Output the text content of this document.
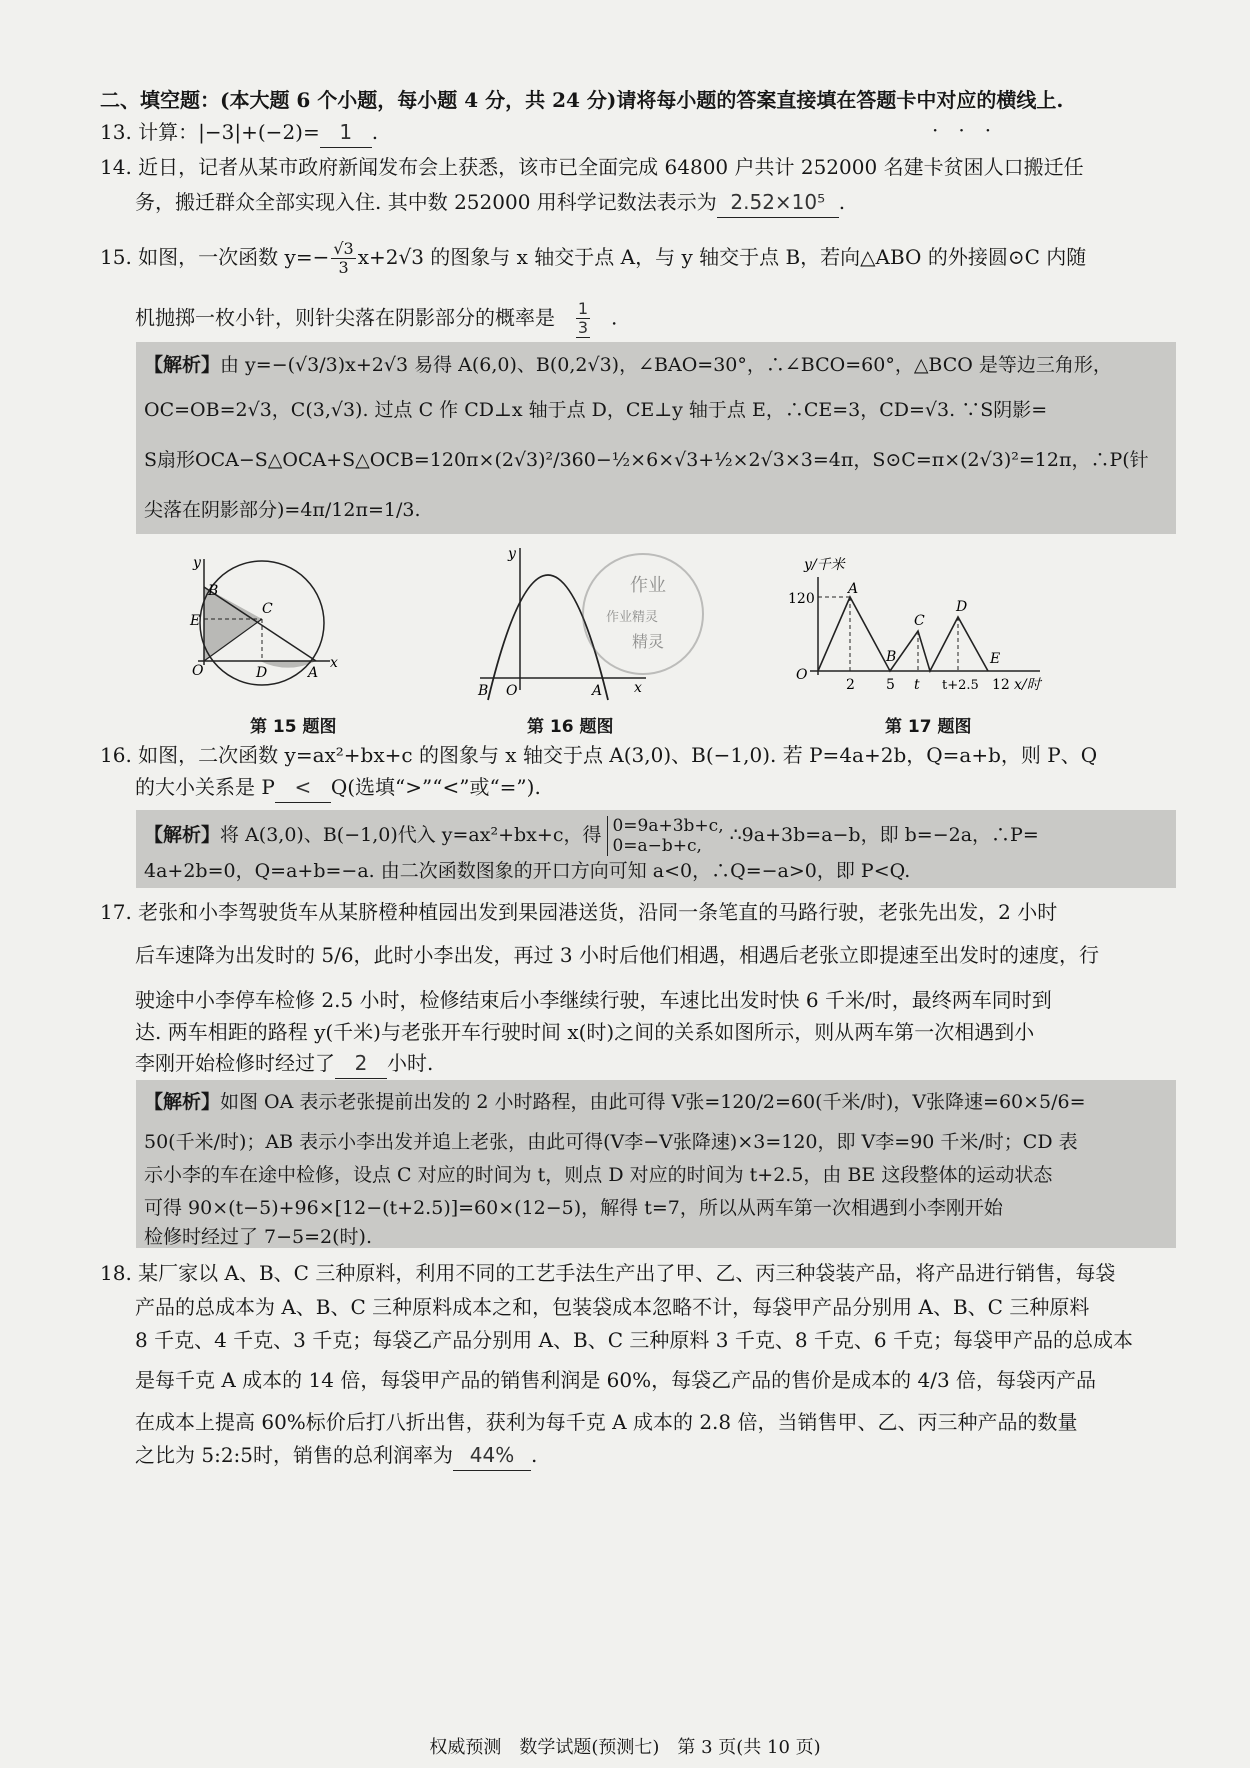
二、填空题：(本大题 6 个小题，每小题 4 分，共 24 分)请将每小题的答案直接填在答题卡中对应的横线上.
···
13. 计算：|−3|+(−2)= 1 .
14. 近日，记者从某市政府新闻发布会上获悉，该市已全面完成 64800 户共计 252000 名建卡贫困人口搬迁任
务，搬迁群众全部实现入住. 其中数 252000 用科学记数法表示为 2.52×10⁵ .
15. 如图，一次函数 $y=- \frac{√3}{3} x+2√3$ 的图象与 x 轴交于点 A，与 y 轴交于点 B，若向△ABO 的外接圆⊙C 内随
机抛掷一枚小针，则针尖落在阴影部分的概率是 $\frac{1}{3}$ .
【解析】由 y=−(√3/3)x+2√3 易得 A(6,0)、B(0,2√3)，∠BAO=30°，∴∠BCO=60°，△BCO 是等边三角形，
OC=OB=2√3，C(3,√3). 过点 C 作 CD⊥x 轴于点 D，CE⊥y 轴于点 E，∴CE=3，CD=√3. ∵S阴影=
S扇形OCA−S△OCA+S△OCB=120π×(2√3)²/360−½×6×√3+½×2√3×3=4π，S⊙C=π×(2√3)²=12π，∴P(针
尖落在阴影部分)=4π/12π=1/3.
y
B
C
E
O	D	A
x
第 15 题图
y
B O	A x
第 16 题图
作业
作业精灵
精灵
y/千米
120
A
C
D
B	E
O
2 5 t t+2.5 12 x/时
第 17 题图
16. 如图，二次函数 y=ax²+bx+c 的图象与 x 轴交于点 A(3,0)、B(−1,0). 若 P=4a+2b，Q=a+b，则 P、Q
的大小关系是 P < Q(选填“>”“<”或“=”).
【解析】将 A(3,0)、B(−1,0)代入 y=ax²+bx+c，得 0=9a+3b+c,
0=a−b+c,	∴9a+3b=a−b，即 b=−2a，∴P=
4a+2b=0，Q=a+b=−a. 由二次函数图象的开口方向可知 a<0，∴Q=−a>0，即 P<Q.
17. 老张和小李驾驶货车从某脐橙种植园出发到果园港送货，沿同一条笔直的马路行驶，老张先出发，2 小时
后车速降为出发时的 5/6，此时小李出发，再过 3 小时后他们相遇，相遇后老张立即提速至出发时的速度，行
驶途中小李停车检修 2.5 小时，检修结束后小李继续行驶，车速比出发时快 6 千米/时，最终两车同时到
达. 两车相距的路程 y(千米)与老张开车行驶时间 x(时)之间的关系如图所示，则从两车第一次相遇到小
李刚开始检修时经过了 2 小时.
【解析】如图 OA 表示老张提前出发的 2 小时路程，由此可得 V张=120/2=60(千米/时)，V张降速=60×5/6=
50(千米/时)；AB 表示小李出发并追上老张，由此可得(V李−V张降速)×3=120，即 V李=90 千米/时；CD 表
示小李的车在途中检修，设点 C 对应的时间为 t，则点 D 对应的时间为 t+2.5，由 BE 这段整体的运动状态
可得 90×(t−5)+96×[12−(t+2.5)]=60×(12−5)，解得 t=7，所以从两车第一次相遇到小李刚开始
检修时经过了 7−5=2(时).
18. 某厂家以 A、B、C 三种原料，利用不同的工艺手法生产出了甲、乙、丙三种袋装产品，将产品进行销售，每袋
产品的总成本为 A、B、C 三种原料成本之和，包装袋成本忽略不计，每袋甲产品分别用 A、B、C 三种原料
8 千克、4 千克、3 千克；每袋乙产品分别用 A、B、C 三种原料 3 千克、8 千克、6 千克；每袋甲产品的总成本
是每千克 A 成本的 14 倍，每袋甲产品的销售利润是 60%，每袋乙产品的售价是成本的 4/3 倍，每袋丙产品
在成本上提高 60%标价后打八折出售，获利为每千克 A 成本的 2.8 倍，当销售甲、乙、丙三种产品的数量
之比为 5:2:5时，销售的总利润率为 44% .
权威预测　数学试题(预测七)　第 3 页(共 10 页)
